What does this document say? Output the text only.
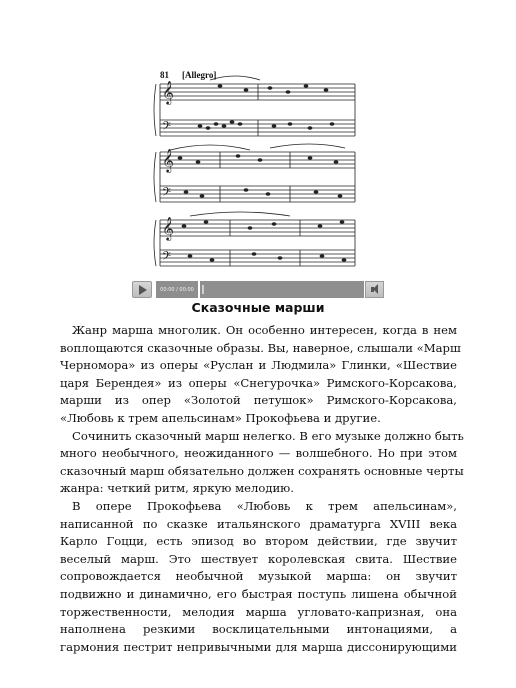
𝄞
𝄢
𝄞
𝄢
𝄞
𝄢
81 [Allegro]
00:00 / 00:00
Сказочные марши
Жанр марша многолик. Он особенно интересен, когда в нем
воплощаются сказочные образы. Вы, наверное, слышали «Марш
Черномора» из оперы «Руслан и Людмила» Глинки, «Шествие
царя Берендея» из оперы «Снегурочка» Римского-Корсакова,
марши из опер «Золотой петушок» Римского-Корсакова,
«Любовь к трем апельсинам» Прокофьева и другие.
Сочинить сказочный марш нелегко. В его музыке должно быть
много необычного, неожиданного — волшебного. Но при этом
сказочный марш обязательно должен сохранять основные черты
жанра: четкий ритм, яркую мелодию.
В опере Прокофьева «Любовь к трем апельсинам»,
написанной по сказке итальянского драматурга XVIII века
Карло Гоцци, есть эпизод во втором действии, где звучит
веселый марш. Это шествует королевская свита. Шествие
сопровождается необычной музыкой марша: он звучит
подвижно и динамично, его быстрая поступь лишена обычной
торжественности, мелодия марша угловато-капризная, она
наполнена резкими восклицательными интонациями, а
гармония пестрит непривычными для марша диссонирующими
